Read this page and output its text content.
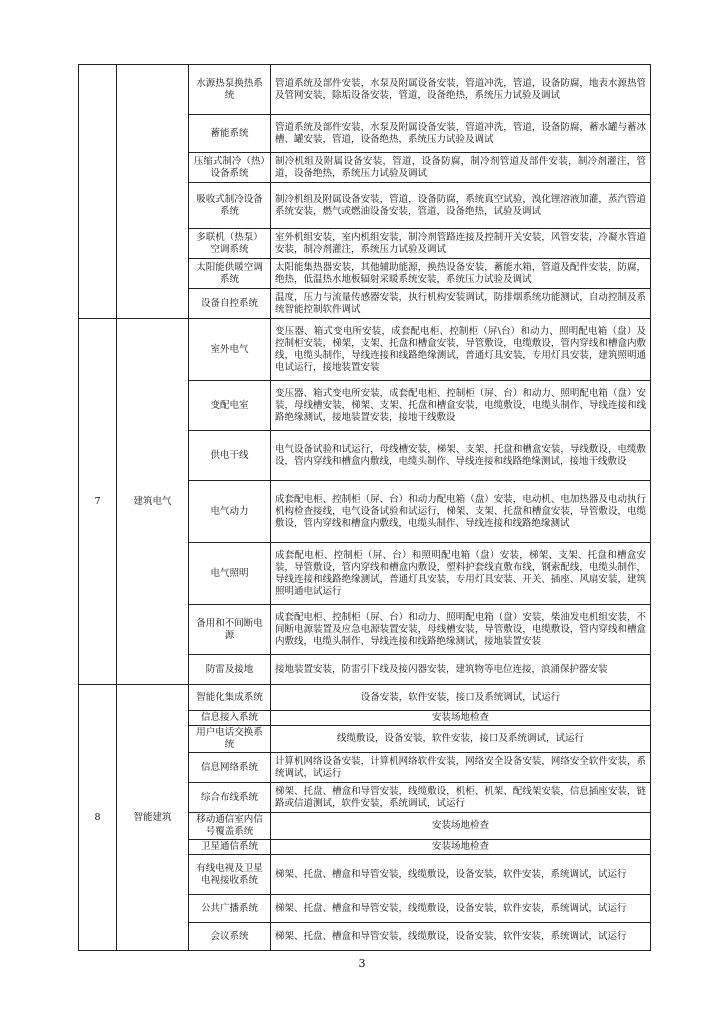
		水源热泵换热系统	管道系统及部件安装，水泵及附属设备安装，管道冲洗，管道，设备防腐，地表水源热管及管网安装，除垢设备安装，管道，设备绝热，系统压力试验及调试
		蓄能系统	管道系统及部件安装，水泵及附属设备安装，管道冲洗，管道，设备防腐，蓄水罐与蓄冰槽、罐安装，管道，设备绝热，系统压力试验及调试
		压缩式制冷（热）设备系统	制冷机组及附属设备安装，管道，设备防腐，制冷剂管道及部件安装，制冷剂灌注，管道，设备绝热，系统压力试验及调试
		吸收式制冷设备系统	制冷机组及附属设备安装，管道，设备防腐，系统真空试验，溴化锂溶液加灌，蒸汽管道系统安装，燃气或燃油设备安装，管道，设备绝热，试验及调试
		多联机（热泵）空调系统	室外机组安装，室内机组安装，制冷剂管路连接及控制开关安装，风管安装，冷凝水管道安装，制冷剂灌注，系统压力试验及调试
		太阳能供暖空调系统	太阳能集热器安装，其他辅助能源，换热设备安装，蓄能水箱，管道及配件安装，防腐，绝热，低温热水地板辐射采暖系统安装，系统压力试验及调试
		设备自控系统	温度，压力与流量传感器安装，执行机构安装调试，防排烟系统功能测试，自动控制及系统智能控制软件调试
7	建筑电气	室外电气	变压器、箱式变电所安装，成套配电柜、控制柜（屏\台）和动力、照明配电箱（盘）及控制柜安装，梯架，支架、托盘和槽盒安装，导管敷设，电缆敷设，管内穿线和槽盒内敷线，电缆头制作，导线连接和线路绝缘测试，普通灯具安装，专用灯具安装，建筑照明通电试运行，接地装置安装
		变配电室	变压器、箱式变电所安装，成套配电柜、控制柜（屏、台）和动力、照明配电箱（盘）安装，母线槽安装，梯架、支架、托盘和槽盒安装，电缆敷设，电缆头制作、导线连接和线路绝缘测试，接地装置安装，接地干线敷设
		供电干线	电气设备试验和试运行，母线槽安装，梯架、支架、托盘和槽盒安装，导线敷设，电缆敷设，管内穿线和槽盒内敷线，电缆头制作、导线连接和线路绝缘测试，接地干线敷设
		电气动力	成套配电柜、控制柜（屏、台）和动力配电箱（盘）安装，电动机、电加热器及电动执行机构检查接线，电气设备试验和试运行，梯架、支架、托盘和槽盒安装，导管敷设，电缆敷设，管内穿线和槽盒内敷线，电缆头制作、导线连接和线路绝缘测试
		电气照明	成套配电柜、控制柜（屏、台）和照明配电箱（盘）安装，梯架、支架、托盘和槽盒安装，导管敷设，管内穿线和槽盒内敷设，塑料护套线直敷布线，钢索配线，电缆头制作，导线连接和线路绝缘测试，普通灯具安装，专用灯具安装、开关、插座、风扇安装，建筑照明通电试运行
		备用和不间断电源	成套配电柜、控制柜（屏、台）和动力、照明配电箱（盘）安装，柴油发电机组安装，不间断电源装置及应急电源装置安装，母线槽安装，导管敷设，电缆敷设，管内穿线和槽盒内敷线，电缆头制作、导线连接和线路绝缘测试，接地装置安装
		防雷及接地	接地装置安装，防雷引下线及接闪器安装，建筑物等电位连接，浪涌保护器安装
8	智能建筑	智能化集成系统	设备安装，软件安装，接口及系统调试，试运行
		信息接入系统	安装场地检查
		用户电话交换系统	线缆敷设，设备安装，软件安装，接口及系统调试，试运行
		信息网络系统	计算机网络设备安装，计算机网络软件安装，网络安全设备安装，网络安全软件安装，系统调试，试运行
		综合布线系统	梯架、托盘、槽盒和导管安装，线缆敷设，机柜、机架、配线架安装，信息插座安装，链路或信道测试，软件安装，系统调试，试运行
		移动通信室内信号覆盖系统	安装场地检查
		卫星通信系统	安装场地检查
		有线电视及卫星电视接收系统	梯架、托盘、槽盒和导管安装，线缆敷设，设备安装，软件安装，系统调试，试运行
		公共广播系统	梯架、托盘、槽盒和导管安装，线缆敷设，设备安装，软件安装，系统调试，试运行
		会议系统	梯架、托盘、槽盒和导管安装，线缆敷设，设备安装，软件安装，系统调试，试运行
3
